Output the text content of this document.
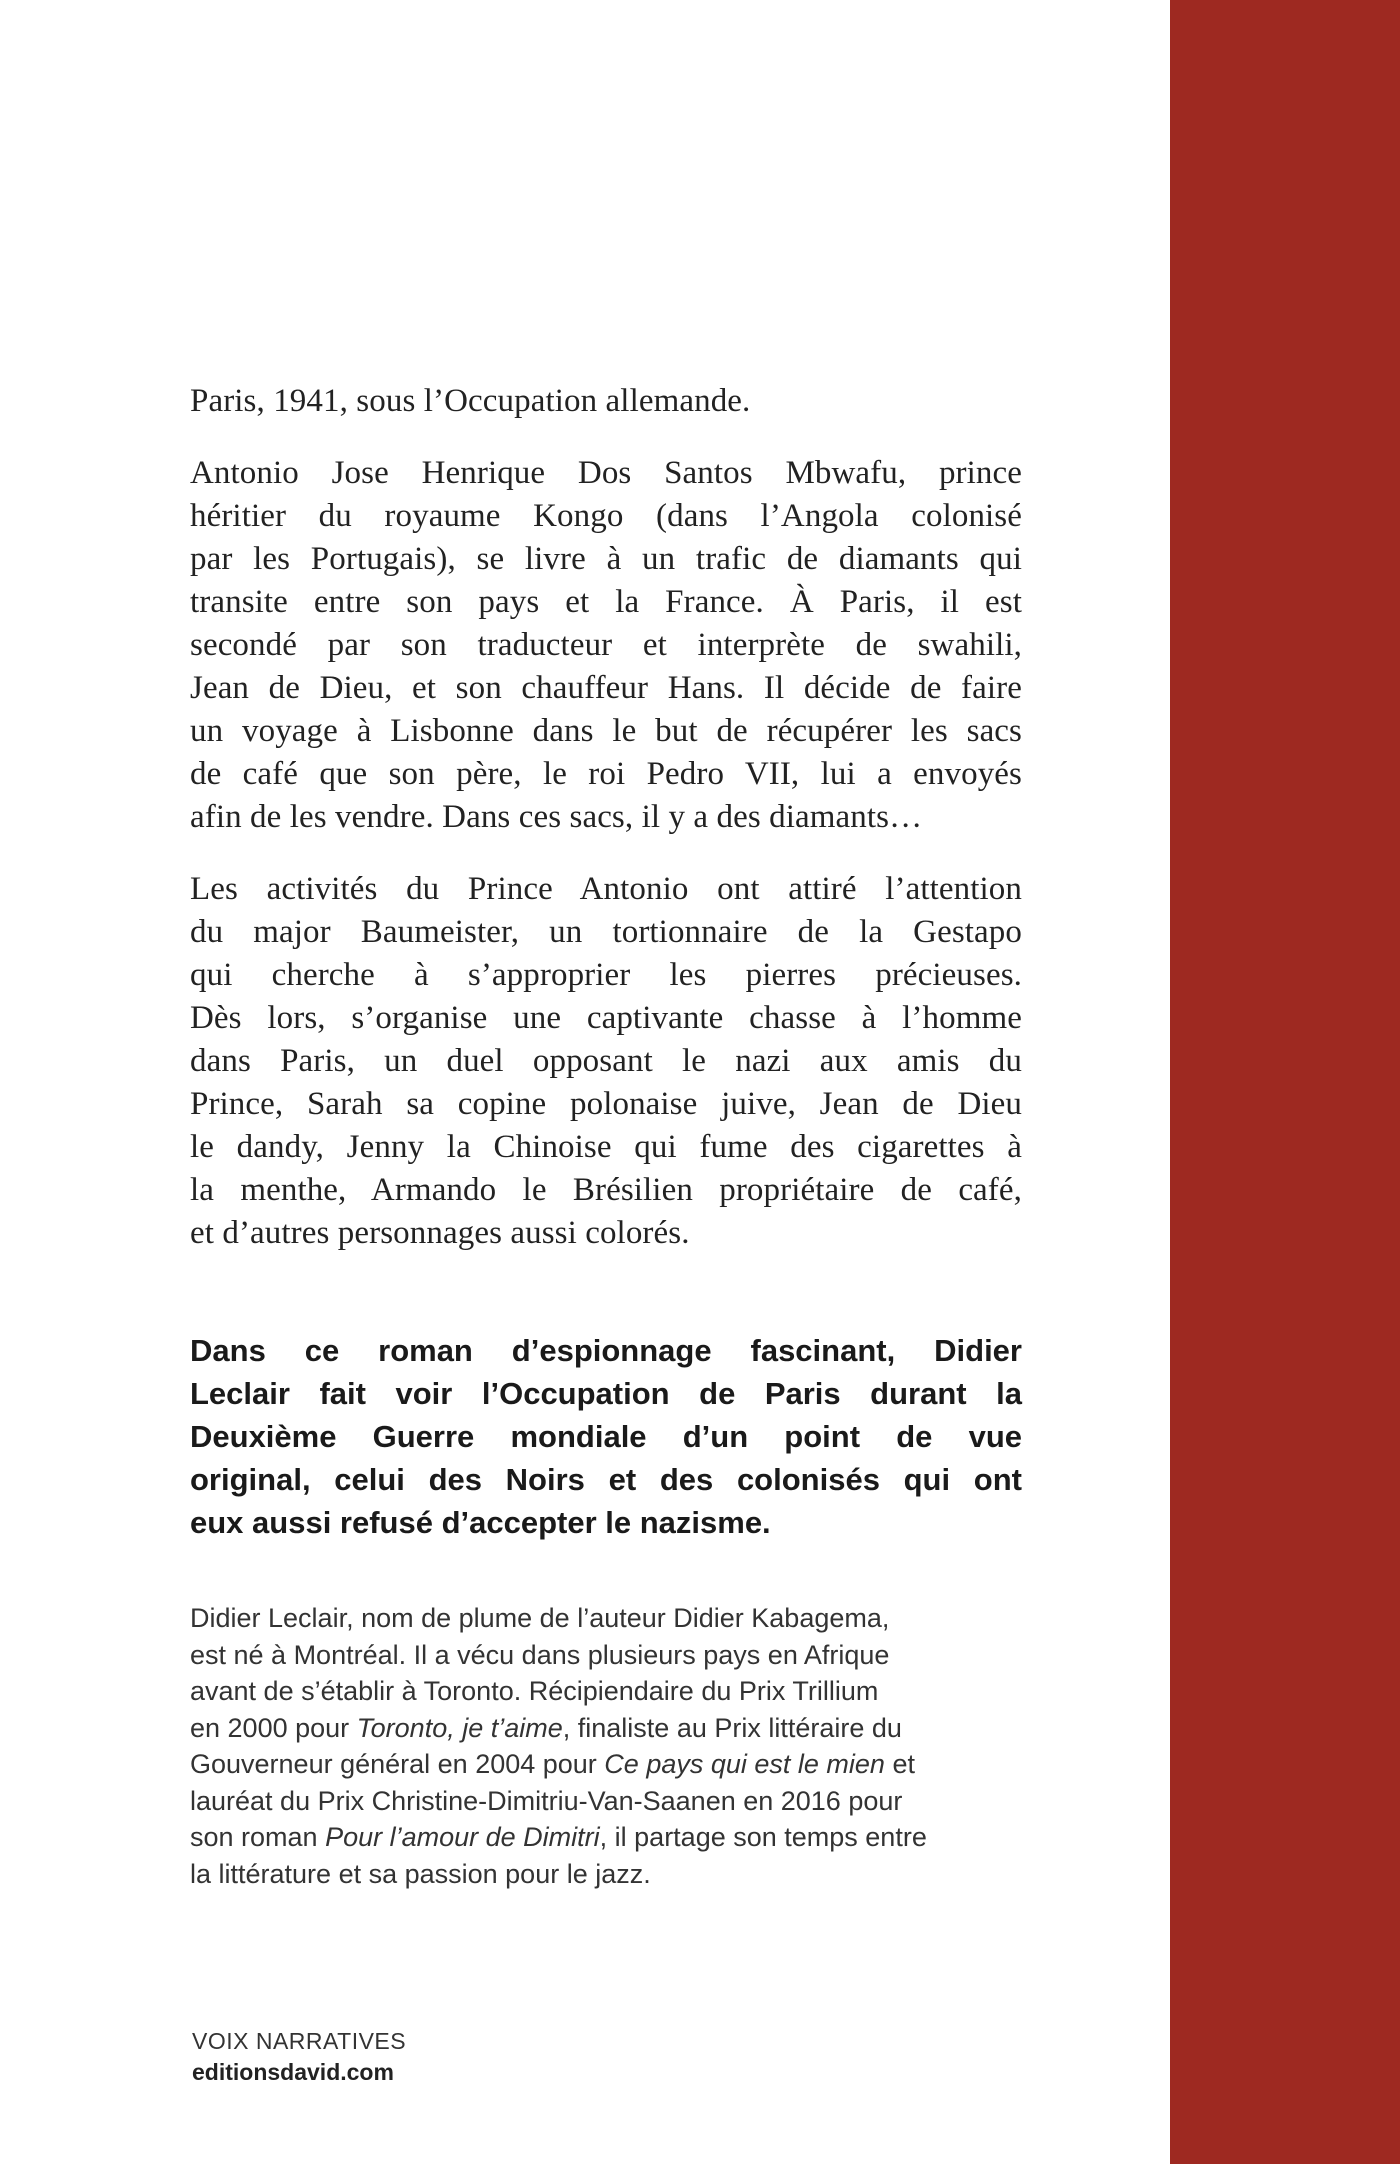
Paris, 1941, sous l’Occupation allemande.

Antonio Jose Henrique Dos Santos Mbwafu, prince
héritier du royaume Kongo (dans l’Angola colonisé
par les Portugais), se livre à un trafic de diamants qui
transite entre son pays et la France. À Paris, il est
secondé par son traducteur et interprète de swahili,
Jean de Dieu, et son chauffeur Hans. Il décide de faire
un voyage à Lisbonne dans le but de récupérer les sacs
de café que son père, le roi Pedro VII, lui a envoyés
afin de les vendre. Dans ces sacs, il y a des diamants…

Les activités du Prince Antonio ont attiré l’attention
du major Baumeister, un tortionnaire de la Gestapo
qui cherche à s’approprier les pierres précieuses.
Dès lors, s’organise une captivante chasse à l’homme
dans Paris, un duel opposant le nazi aux amis du
Prince, Sarah sa copine polonaise juive, Jean de Dieu
le dandy, Jenny la Chinoise qui fume des cigarettes à
la menthe, Armando le Brésilien propriétaire de café,
et d’autres personnages aussi colorés.

Dans ce roman d’espionnage fascinant, Didier
Leclair fait voir l’Occupation de Paris durant la
Deuxième Guerre mondiale d’un point de vue
original, celui des Noirs et des colonisés qui ont
eux aussi refusé d’accepter le nazisme.
Didier Leclair, nom de plume de l’auteur Didier Kabagema,
est né à Montréal. Il a vécu dans plusieurs pays en Afrique
avant de s’établir à Toronto. Récipiendaire du Prix Trillium
en 2000 pour Toronto, je t’aime, finaliste au Prix littéraire du
Gouverneur général en 2004 pour Ce pays qui est le mien et
lauréat du Prix Christine-Dimitriu-Van-Saanen en 2016 pour
son roman Pour l’amour de Dimitri, il partage son temps entre
la littérature et sa passion pour le jazz.
VOIX NARRATIVES
editionsdavid.com
